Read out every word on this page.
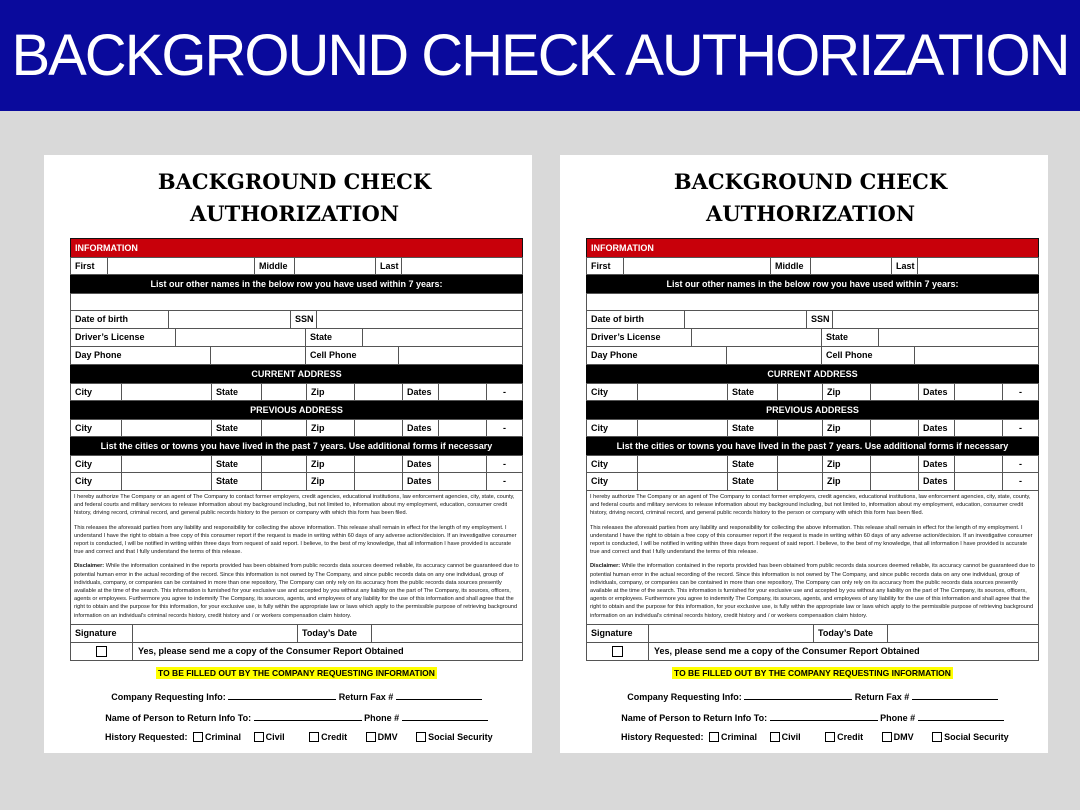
BACKGROUND CHECK AUTHORIZATION
BACKGROUND CHECK
AUTHORIZATION
INFORMATION
First	Middle	Last
List our other names in the below row you have used within 7 years:
Date of birth	SSN
Driver’s License	State
Day Phone	Cell Phone
CURRENT ADDRESS
City	State	Zip	Dates	-
PREVIOUS ADDRESS
City	State	Zip	Dates	-
List the cities or towns you have lived in the past 7 years. Use additional forms if necessary
City	State	Zip	Dates	-
City	State	Zip	Dates	-

I hereby authorize The Company or an agent of The Company to contact former employers, credit agencies, educational institutions, law enforcement agencies, city, state, county, and federal courts and military services to release information about my background including, but not limited to, information about my employment, education, consumer credit history, driving record, criminal record, and general public records history to the person or company with which this form has been filed.

This releases the aforesaid parties from any liability and responsibility for collecting the above information. This release shall remain in effect for the length of my employment. I understand I have the right to obtain a free copy of this consumer report if the request is made in writing within 60 days of any adverse action/decision. If an investigative consumer report is conducted, I will be notified in writing within three days from request of said report. I believe, to the best of my knowledge, that all information I have provided is accurate true and correct and that I fully understand the terms of this release.

Disclaimer: While the information contained in the reports provided has been obtained from public records data sources deemed reliable, its accuracy cannot be guaranteed due to potential human error in the actual recording of the record. Since this information is not owned by The Company, and since public records data on any one individual, group of individuals, company, or companies can be contained in more than one repository, The Company can only rely on its accuracy from the public records data sources presently available at the time of the search. This information is furnished for your exclusive use and accepted by you without any liability on the part of The Company, its sources, officers, agents or employees. Furthermore you agree to indemnify The Company, its sources, agents, and employees of any liability for the use of this information and shall agree that the right to obtain and the purpose for this information, for your exclusive use, is fully within the appropriate law or laws which apply to the permissible purpose of retrieving background information on an individual's criminal records history, credit history and / or workers compensation claim history.

Signature	Today’s Date
Yes, please send me a copy of the Consumer Report Obtained
TO BE FILLED OUT BY THE COMPANY REQUESTING INFORMATION
Company Requesting Info:	Return Fax #
Name of Person to Return Info To:	Phone #
History Requested: Criminal	Civil	Credit	DMV	Social Security
BACKGROUND CHECK
AUTHORIZATION
INFORMATION
First	Middle	Last
List our other names in the below row you have used within 7 years:
Date of birth	SSN
Driver’s License	State
Day Phone	Cell Phone
CURRENT ADDRESS
City	State	Zip	Dates	-
PREVIOUS ADDRESS
City	State	Zip	Dates	-
List the cities or towns you have lived in the past 7 years. Use additional forms if necessary
City	State	Zip	Dates	-
City	State	Zip	Dates	-

I hereby authorize The Company or an agent of The Company to contact former employers, credit agencies, educational institutions, law enforcement agencies, city, state, county, and federal courts and military services to release information about my background including, but not limited to, information about my employment, education, consumer credit history, driving record, criminal record, and general public records history to the person or company with which this form has been filed.

This releases the aforesaid parties from any liability and responsibility for collecting the above information. This release shall remain in effect for the length of my employment. I understand I have the right to obtain a free copy of this consumer report if the request is made in writing within 60 days of any adverse action/decision. If an investigative consumer report is conducted, I will be notified in writing within three days from request of said report. I believe, to the best of my knowledge, that all information I have provided is accurate true and correct and that I fully understand the terms of this release.

Disclaimer: While the information contained in the reports provided has been obtained from public records data sources deemed reliable, its accuracy cannot be guaranteed due to potential human error in the actual recording of the record. Since this information is not owned by The Company, and since public records data on any one individual, group of individuals, company, or companies can be contained in more than one repository, The Company can only rely on its accuracy from the public records data sources presently available at the time of the search. This information is furnished for your exclusive use and accepted by you without any liability on the part of The Company, its sources, officers, agents or employees. Furthermore you agree to indemnify The Company, its sources, agents, and employees of any liability for the use of this information and shall agree that the right to obtain and the purpose for this information, for your exclusive use, is fully within the appropriate law or laws which apply to the permissible purpose of retrieving background information on an individual's criminal records history, credit history and / or workers compensation claim history.

Signature	Today’s Date
Yes, please send me a copy of the Consumer Report Obtained
TO BE FILLED OUT BY THE COMPANY REQUESTING INFORMATION
Company Requesting Info:	Return Fax #
Name of Person to Return Info To:	Phone #
History Requested: Criminal	Civil	Credit	DMV	Social Security
